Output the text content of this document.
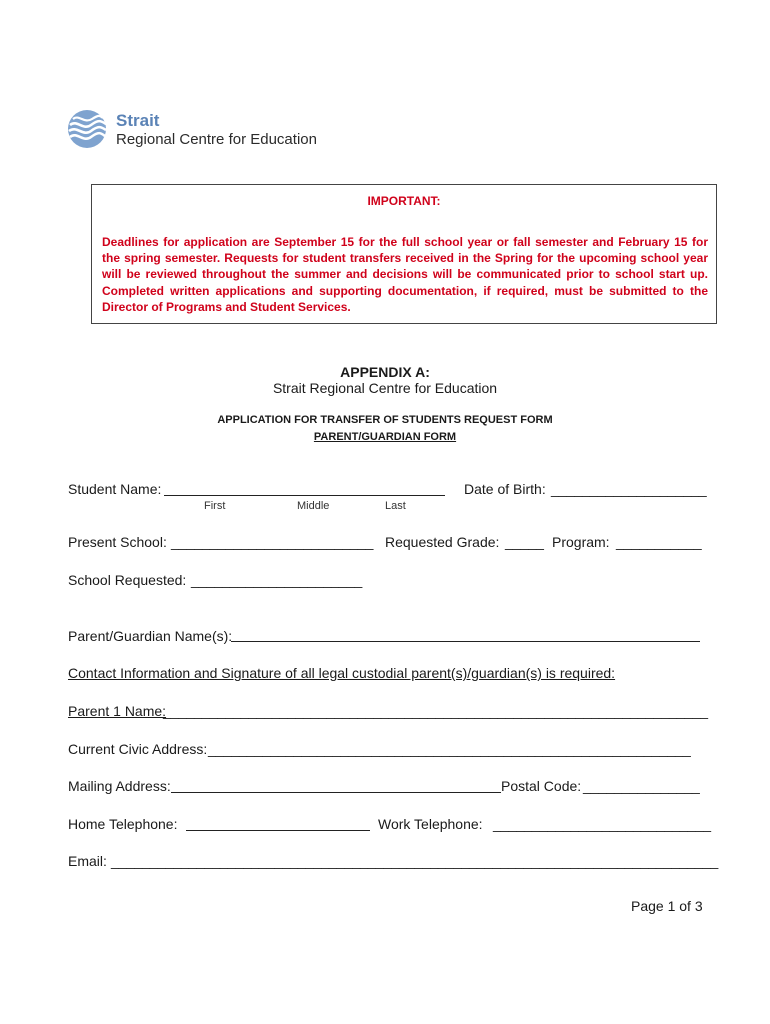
Strait
Regional Centre for Education
IMPORTANT:
Deadlines for application are September 15 for the full school year or fall semester and February 15 for the spring semester. Requests for student transfers received in the Spring for the upcoming school year will be reviewed throughout the summer and decisions will be communicated prior to school start up. Completed written applications and supporting documentation, if required, must be submitted to the Director of Programs and Student Services.
APPENDIX A:
Strait Regional Centre for Education
APPLICATION FOR TRANSFER OF STUDENTS REQUEST FORM
PARENT/GUARDIAN FORM
Student Name:
First	Middle	Last
Date of Birth: ____________________
Present School: __________________________ Requested Grade: _____ Program: ___________
School Requested: ______________________
Parent/Guardian Name(s):
Contact Information and Signature of all legal custodial parent(s)/guardian(s) is required:
Parent 1 Name:
______________________________________________________________________
Current Civic Address: ______________________________________________________________
Mailing Address:	Postal Code: _______________
Home Telephone:	Work Telephone: ____________________________
Email: ______________________________________________________________________________
Page 1 of 3
